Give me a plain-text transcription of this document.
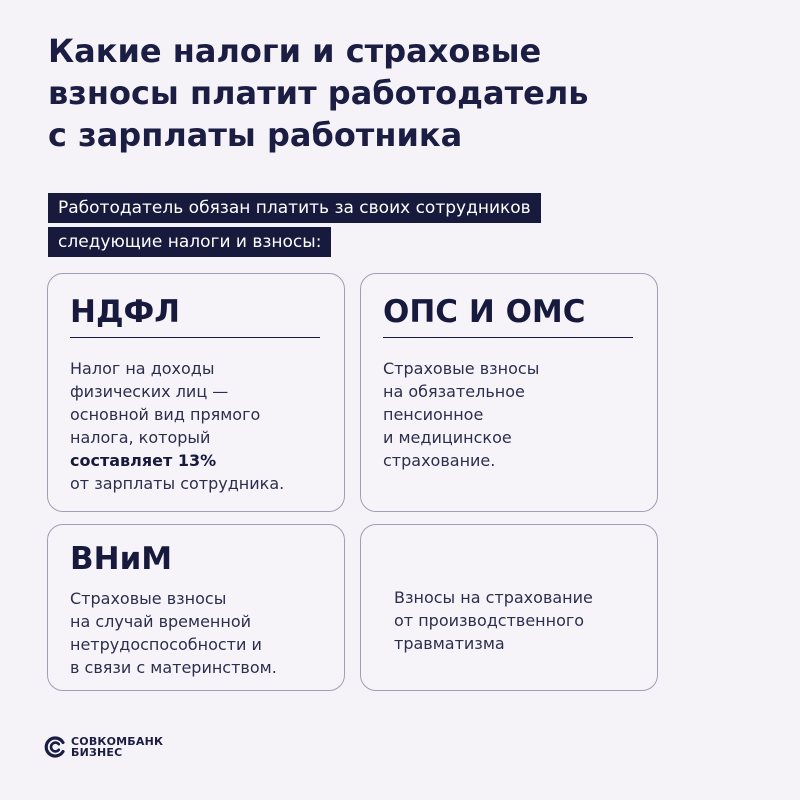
Какие налоги и страховые
взносы платит работодатель
с зарплаты работника
Работодатель обязан платить за своих сотрудников
следующие налоги и взносы:
НДФЛ
Налог на доходы
физических лиц —
основной вид прямого
налога, который
составляет 13%
от зарплаты сотрудника.
ОПС И ОМС
Страховые взносы
на обязательное
пенсионное
и медицинское
страхование.
ВНиМ
Страховые взносы
на случай временной
нетрудоспособности и
в связи с материнством.
Взносы на страхование
от производственного
травматизма
СОВКОМБАНК
БИЗНЕС
